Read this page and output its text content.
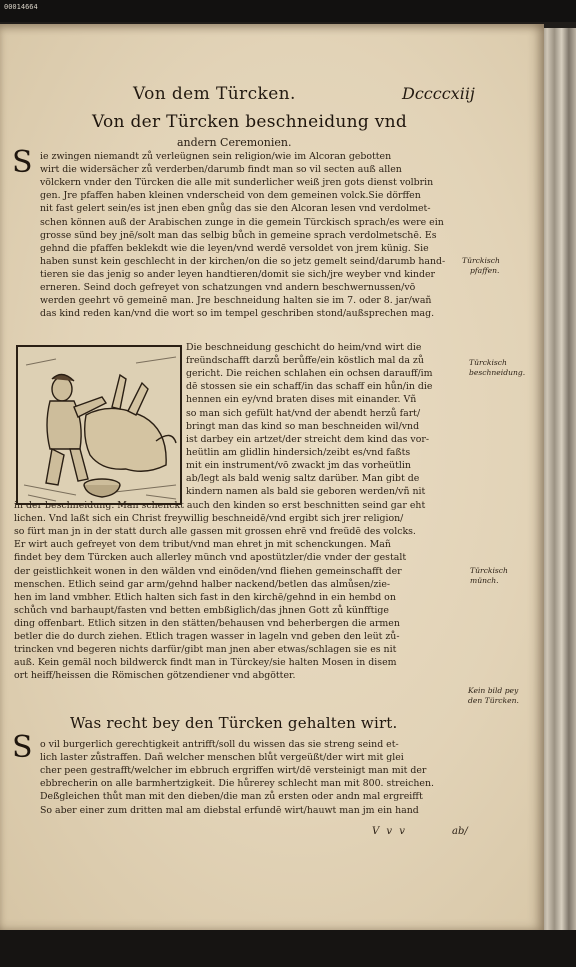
00014664
Von dem Türcken.	Dccccxiij
Von der Türcken beschneidung vnd
andern Ceremonien.
S ie zwingen niemandt zů verleügnen sein religion/wie im Alcoran gebotten
wirt die widersächer zů verderben/darumb findt man so vil secten auß allen
völckern vnder den Türcken die alle mit sunderlicher weiß jren gots dienst volbrin
gen. Jre pfaffen haben kleinen vnderscheid von dem gemeinen volck.Sie dörffen
nit fast gelert sein/es ist jnen eben gnůg das sie den Alcoran lesen vnd verdolmet-
schen können auß der Arabischen zunge in die gemein Türckisch sprach/es were ein
grosse sünd bey jnē/solt man das selbig bůch in gemeine sprach verdolmetschē. Es
gehnd die pfaffen beklekdt wie die leyen/vnd werdē versoldet von jrem künig. Sie
haben sunst kein geschlecht in der kirchen/on die so jetz gemelt seind/darumb hand-
tieren sie das jenig so ander leyen handtieren/domit sie sich/jre weyber vnd kinder
erneren. Seind doch gefreyet von schatzungen vnd andern beschwernussen/vō
werden geehrt vō gemeinē man. Jre beschneidung halten sie im 7. oder 8. jar/wañ
das kind reden kan/vnd die wort so im tempel geschriben stond/außsprechen mag.
Türckisch
pfaffen.
Die beschneidung geschicht do heim/vnd wirt die
freündschafft darzů berůffe/ein köstlich mal da zů
gericht. Die reichen schlahen ein ochsen darauff/im
dē stossen sie ein schaff/in das schaff ein hůn/in die
hennen ein ey/vnd braten dises mit einander. Vñ
so man sich gefült hat/vnd der abendt herzů fart/
bringt man das kind so man beschneiden wil/vnd
ist darbey ein artzet/der streicht dem kind das vor-
heütlin am glidlin hindersich/zeibt es/vnd faßts
mit ein instrument/vō zwackt jm das vorheütlin
ab/legt als bald wenig saltz darüber. Man gibt de
kindern namen als bald sie geboren werden/vñ nit
Türckisch
beschneidung.
in der beschneidung. Man schenckt auch den kinden so erst beschnitten seind gar eht
lichen. Vnd laßt sich ein Christ freywillig beschneidē/vnd ergibt sich jrer religion/
so fürt man jn in der statt durch alle gassen mit grossen ehrē vnd freüdē des volcks.
Er wirt auch gefreyet von dem tribut/vnd man ehret jn mit schenckungen. Mañ
findet bey dem Türcken auch allerley münch vnd apostützler/die vnder der gestalt
der geistlichkeit wonen in den wälden vnd einöden/vnd fliehen gemeinschafft der
menschen. Etlich seind gar arm/gehnd halber nackend/betlen das almůsen/zie-
hen im land vmbher. Etlich halten sich fast in den kirchē/gehnd in ein hembd on
schůch vnd barhaupt/fasten vnd betten embßiglich/das jhnen Gott zů künfftige
ding offenbart. Etlich sitzen in den stätten/behausen vnd beherbergen die armen
betler die do durch ziehen. Etlich tragen wasser in lageln vnd geben den leüt zů-
trincken vnd begeren nichts darfür/gibt man jnen aber etwas/schlagen sie es nit
auß. Kein gemäl noch bildwerck findt man in Türckey/sie halten Mosen in disem
ort heiff/heissen die Römischen götzendiener vnd abgötter.
Türckisch
münch.
Kein bild pey
den Türcken.
Was recht bey den Türcken gehalten wirt.
S o vil burgerlich gerechtigkeit antrifft/soll du wissen das sie streng seind et-
lich laster zůstraffen. Dañ welcher menschen blůt vergeüßt/der wirt mit glei
cher peen gestrafft/welcher im ebbruch ergriffen wirt/dē versteinigt man mit der
ebbrecherin on alle barmhertzigkeit. Die hůrerey schlecht man mit 800. streichen.
Deßgleichen thůt man mit den dieben/die man zů ersten oder andn mal ergreifft
So aber einer zum dritten mal am diebstal erfundē wirt/hauwt man jm ein hand
V v v	ab/
